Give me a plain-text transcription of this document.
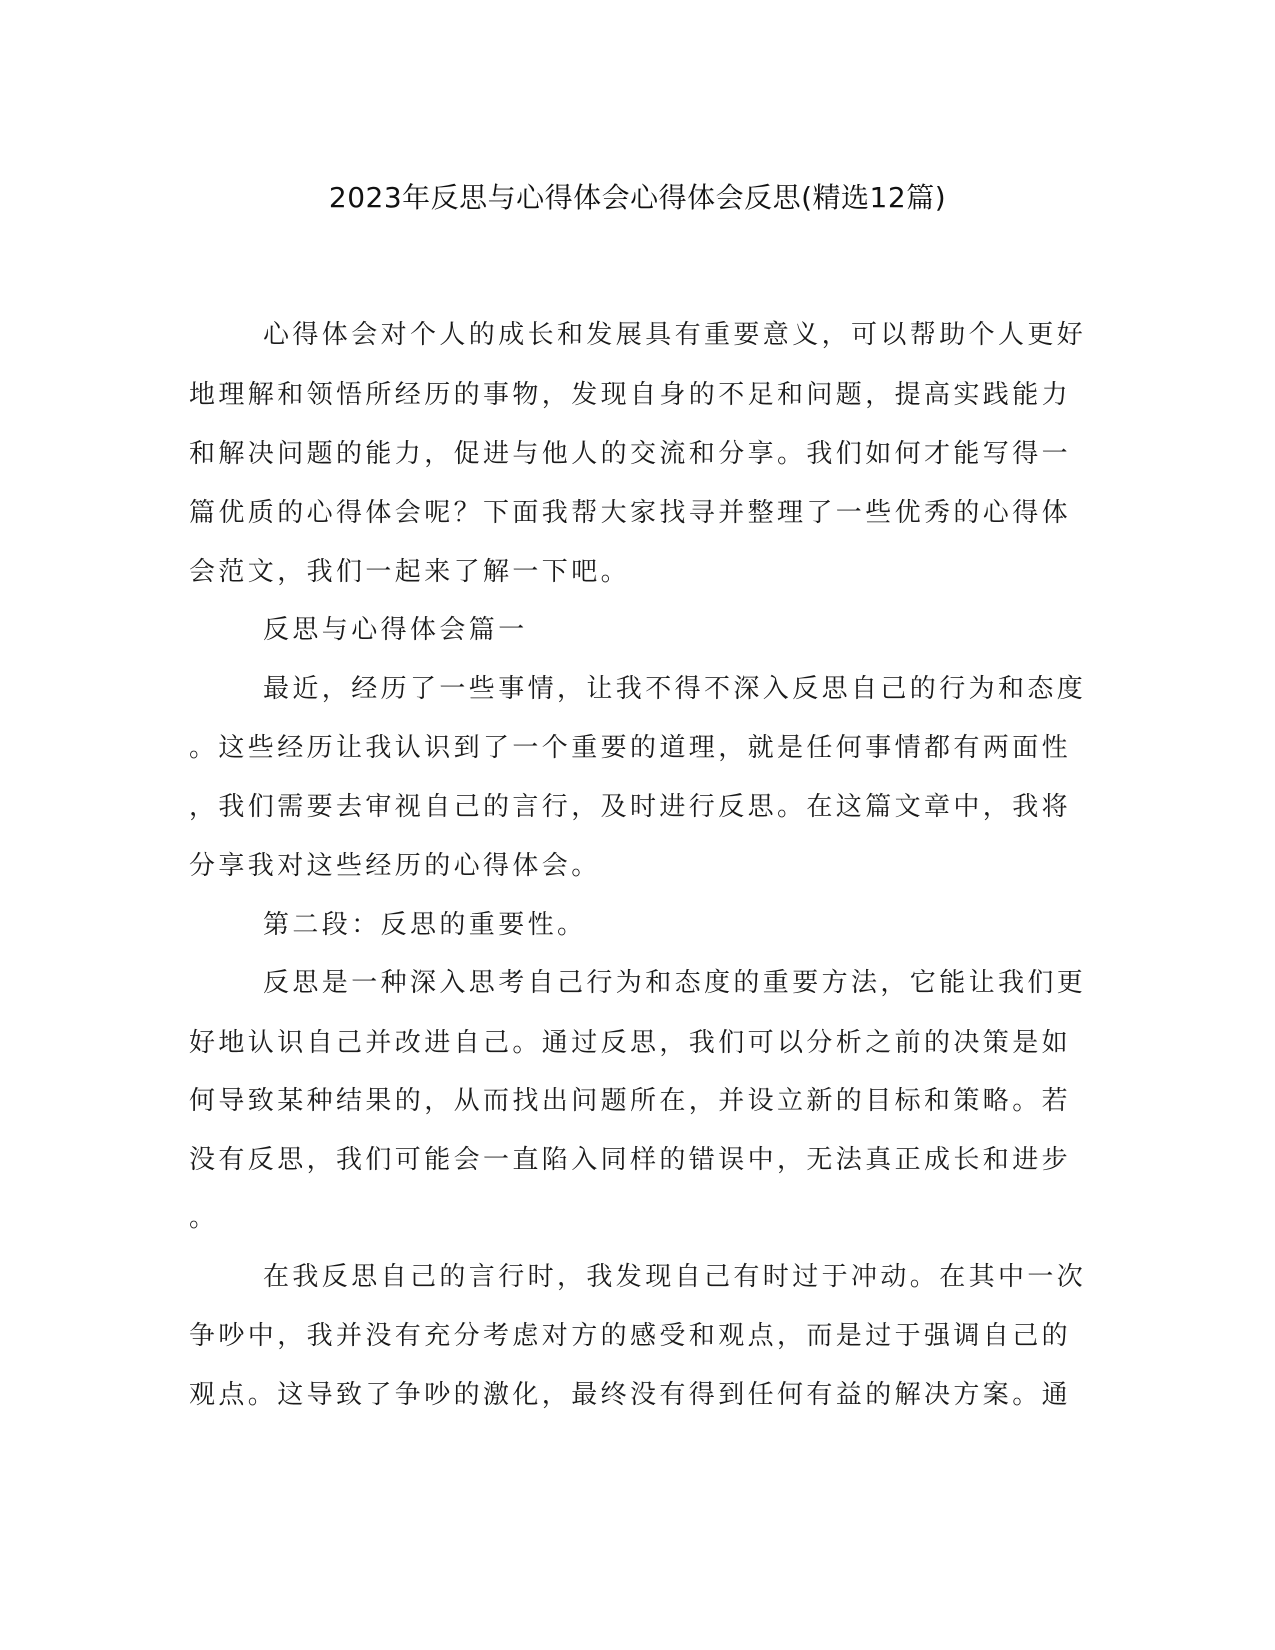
2023年反思与心得体会心得体会反思(精选12篇)
心得体会对个人的成长和发展具有重要意义，可以帮助个人更好
地理解和领悟所经历的事物，发现自身的不足和问题，提高实践能力
和解决问题的能力，促进与他人的交流和分享。我们如何才能写得一
篇优质的心得体会呢？下面我帮大家找寻并整理了一些优秀的心得体
会范文，我们一起来了解一下吧。
反思与心得体会篇一
最近，经历了一些事情，让我不得不深入反思自己的行为和态度
。这些经历让我认识到了一个重要的道理，就是任何事情都有两面性
，我们需要去审视自己的言行，及时进行反思。在这篇文章中，我将
分享我对这些经历的心得体会。
第二段：反思的重要性。
反思是一种深入思考自己行为和态度的重要方法，它能让我们更
好地认识自己并改进自己。通过反思，我们可以分析之前的决策是如
何导致某种结果的，从而找出问题所在，并设立新的目标和策略。若
没有反思，我们可能会一直陷入同样的错误中，无法真正成长和进步
。
在我反思自己的言行时，我发现自己有时过于冲动。在其中一次
争吵中，我并没有充分考虑对方的感受和观点，而是过于强调自己的
观点。这导致了争吵的激化，最终没有得到任何有益的解决方案。通
